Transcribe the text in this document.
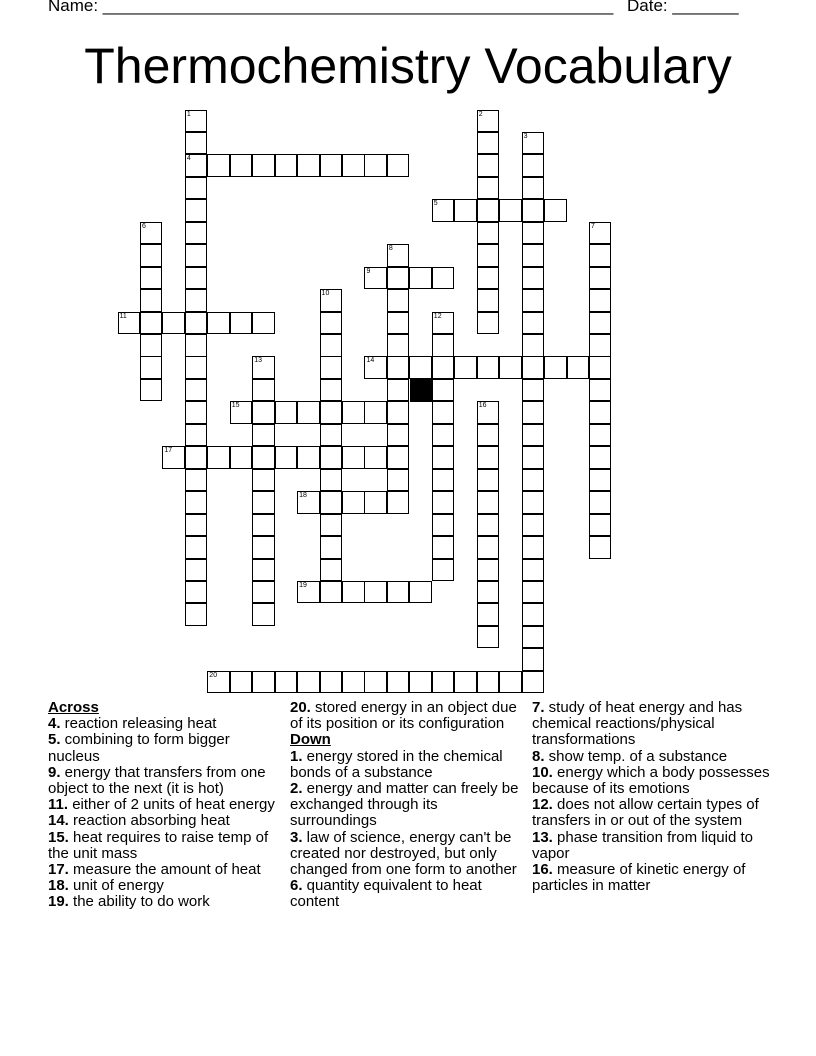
Name: ______________________________________________________ Date: _______
Thermochemistry Vocabulary
1
4
2
3
5
6	7
8
9
10
11	12
13	14
15	16
17
18
19
20
Across
4. reaction releasing heat
5. combining to form bigger nucleus
9. energy that transfers from one object to the next (it is hot)
11. either of 2 units of heat energy
14. reaction absorbing heat
15. heat requires to raise temp of the unit mass
17. measure the amount of heat
18. unit of energy
19. the ability to do work
20. stored energy in an object due of its position or its configuration
Down
1. energy stored in the chemical bonds of a substance
2. energy and matter can freely be exchanged through its surroundings
3. law of science, energy can't be created nor destroyed, but only changed from one form to another
6. quantity equivalent to heat content
7. study of heat energy and has chemical reactions/physical transformations
8. show temp. of a substance
10. energy which a body possesses because of its emotions
12. does not allow certain types of transfers in or out of the system
13. phase transition from liquid to vapor
16. measure of kinetic energy of particles in matter
